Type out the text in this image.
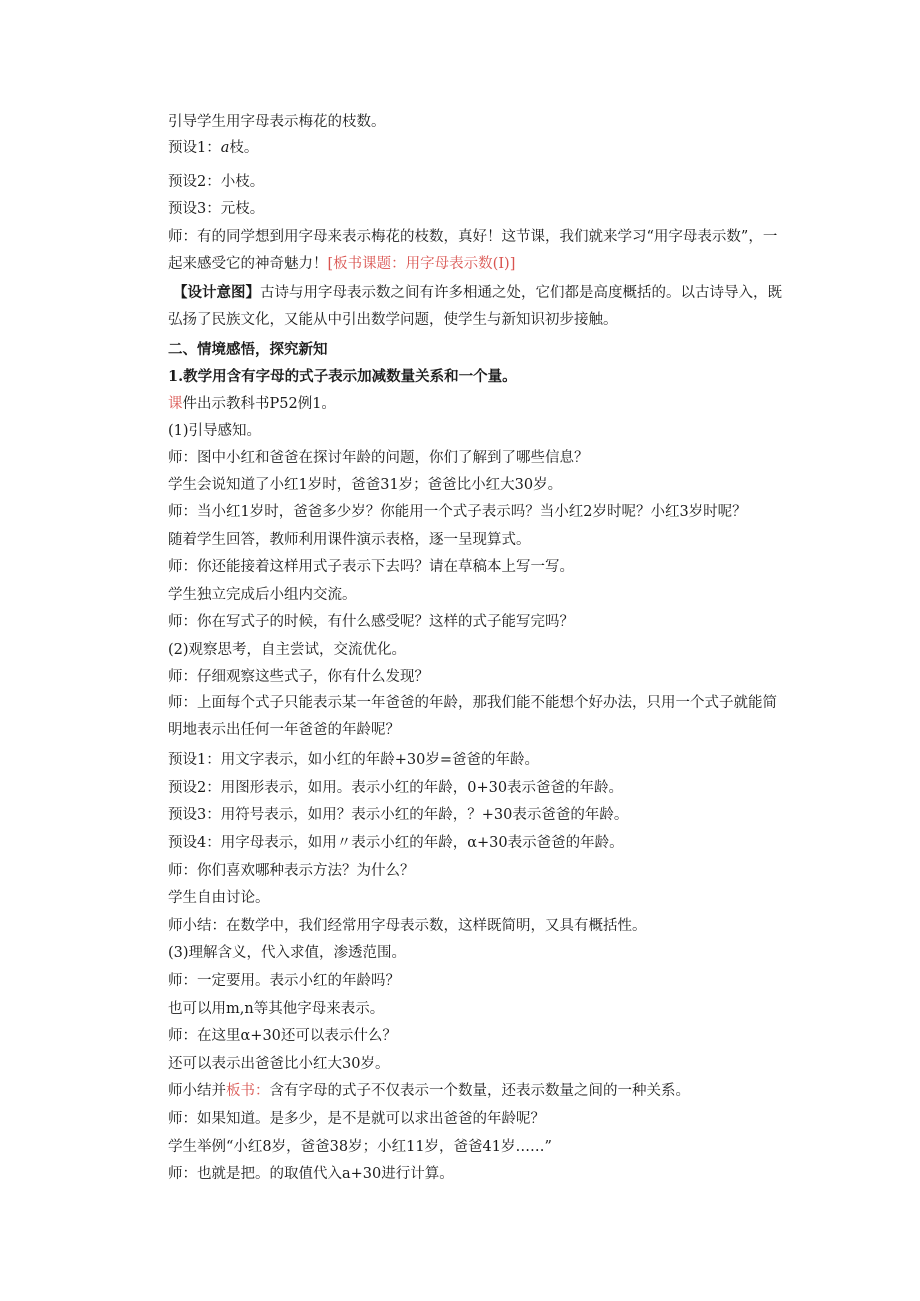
引导学生用字母表示梅花的枝数。
预设1：a枝。
预设2：小枝。
预设3：元枝。
师：有的同学想到用字母来表示梅花的枝数，真好！这节课，我们就来学习“用字母表示数”，一起来感受它的神奇魅力！[板书课题：用字母表示数(I)]
【设计意图】古诗与用字母表示数之间有许多相通之处，它们都是高度概括的。以古诗导入，既弘扬了民族文化，又能从中引出数学问题，使学生与新知识初步接触。
二、情境感悟，探究新知
1.教学用含有字母的式子表示加减数量关系和一个量。
课件出示教科书P52例1。
(1)引导感知。
师：图中小红和爸爸在探讨年龄的问题，你们了解到了哪些信息？
学生会说知道了小红1岁时，爸爸31岁；爸爸比小红大30岁。
师：当小红1岁时，爸爸多少岁？你能用一个式子表示吗？当小红2岁时呢？小红3岁时呢？
随着学生回答，教师利用课件演示表格，逐一呈现算式。
师：你还能接着这样用式子表示下去吗？请在草稿本上写一写。
学生独立完成后小组内交流。
师：你在写式子的时候，有什么感受呢？这样的式子能写完吗？
(2)观察思考，自主尝试，交流优化。
师：仔细观察这些式子，你有什么发现？
师：上面每个式子只能表示某一年爸爸的年龄，那我们能不能想个好办法，只用一个式子就能简明地表示出任何一年爸爸的年龄呢？
预设1：用文字表示，如小红的年龄+30岁=爸爸的年龄。
预设2：用图形表示，如用。表示小红的年龄，0+30表示爸爸的年龄。
预设3：用符号表示，如用？表示小红的年龄，？+30表示爸爸的年龄。
预设4：用字母表示，如用〃表示小红的年龄，α+30表示爸爸的年龄。
师：你们喜欢哪种表示方法？为什么？
学生自由讨论。
师小结：在数学中，我们经常用字母表示数，这样既简明，又具有概括性。
(3)理解含义，代入求值，渗透范围。
师：一定要用。表示小红的年龄吗？
也可以用m,n等其他字母来表示。
师：在这里α+30还可以表示什么？
还可以表示出爸爸比小红大30岁。
师小结并板书：含有字母的式子不仅表示一个数量，还表示数量之间的一种关系。
师：如果知道。是多少，是不是就可以求出爸爸的年龄呢？
学生举例“小红8岁，爸爸38岁；小红11岁，爸爸41岁……”
师：也就是把。的取值代入a+30进行计算。
